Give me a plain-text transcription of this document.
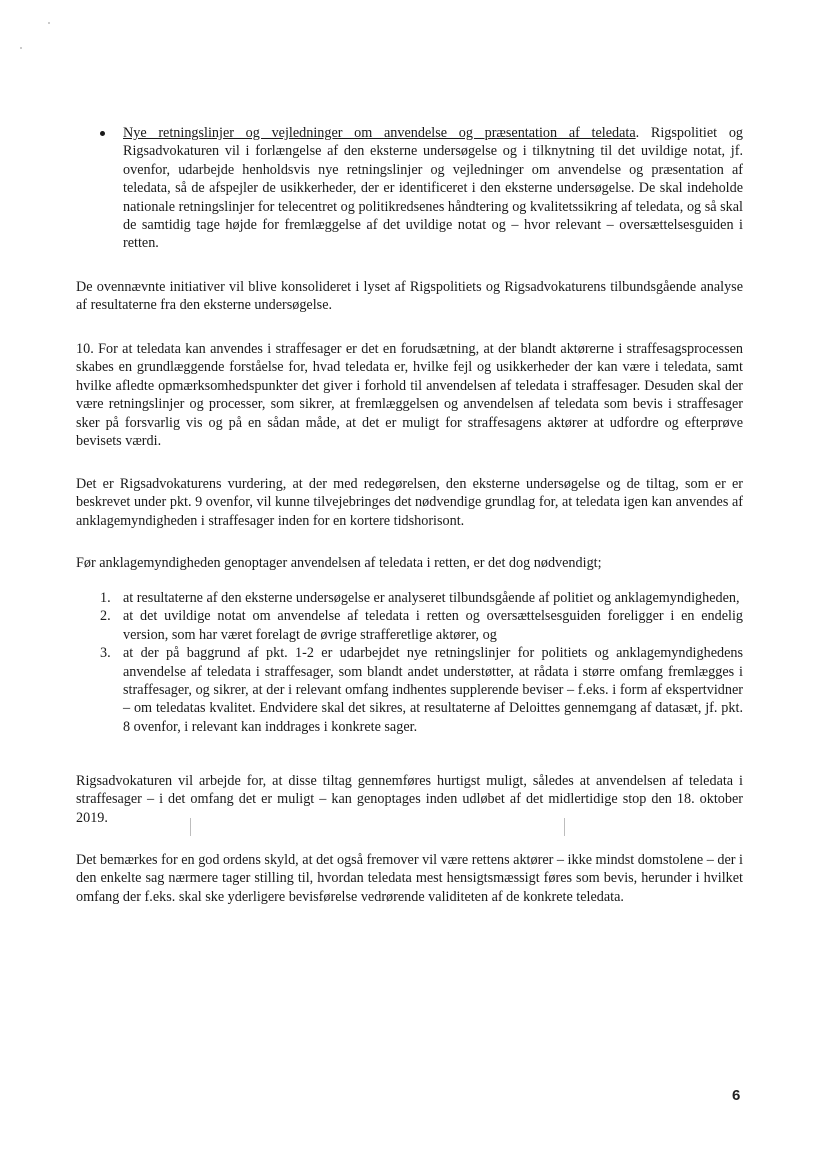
Nye retningslinjer og vejledninger om anvendelse og præsentation af teledata. Rigspolitiet og Rigsadvokaturen vil i forlængelse af den eksterne undersøgelse og i tilknytning til det uvildige notat, jf. ovenfor, udarbejde henholdsvis nye retningslinjer og vejledninger om anvendelse og præsentation af teledata, så de afspejler de usikkerheder, der er identificeret i den eksterne undersøgelse. De skal indeholde nationale retningslinjer for telecentret og politikredsenes håndtering og kvalitetssikring af teledata, og så skal de samtidig tage højde for fremlæggelse af det uvildige notat og – hvor relevant – oversættelsesguiden i retten.

De ovennævnte initiativer vil blive konsolideret i lyset af Rigspolitiets og Rigsadvokaturens tilbundsgående analyse af resultaterne fra den eksterne undersøgelse.

10. For at teledata kan anvendes i straffesager er det en forudsætning, at der blandt aktørerne i straffesagsprocessen skabes en grundlæggende forståelse for, hvad teledata er, hvilke fejl og usikkerheder der kan være i teledata, samt hvilke afledte opmærksomhedspunkter det giver i forhold til anvendelsen af teledata i straffesager. Desuden skal der være retningslinjer og processer, som sikrer, at fremlæggelsen og anvendelsen af teledata som bevis i straffesager sker på forsvarlig vis og på en sådan måde, at det er muligt for straffesagens aktører at udfordre og efterprøve bevisets værdi.

Det er Rigsadvokaturens vurdering, at der med redegørelsen, den eksterne undersøgelse og de tiltag, som er er beskrevet under pkt. 9 ovenfor, vil kunne tilvejebringes det nødvendige grundlag for, at teledata igen kan anvendes af anklagemyndigheden i straffesager inden for en kortere tidshorisont.

Før anklagemyndigheden genoptager anvendelsen af teledata i retten, er det dog nødvendigt;

1. at resultaterne af den eksterne undersøgelse er analyseret tilbundsgående af politiet og anklagemyndigheden,
2. at det uvildige notat om anvendelse af teledata i retten og oversættelsesguiden foreligger i en endelig version, som har været forelagt de øvrige strafferetlige aktører, og
3. at der på baggrund af pkt. 1-2 er udarbejdet nye retningslinjer for politiets og anklagemyndighedens anvendelse af teledata i straffesager, som blandt andet understøtter, at rådata i større omfang fremlægges i straffesager, og sikrer, at der i relevant omfang indhentes supplerende beviser – f.eks. i form af ekspertvidner – om teledatas kvalitet. Endvidere skal det sikres, at resultaterne af Deloittes gennemgang af datasæt, jf. pkt. 8 ovenfor, i relevant kan inddrages i konkrete sager.

Rigsadvokaturen vil arbejde for, at disse tiltag gennemføres hurtigst muligt, således at anvendelsen af teledata i straffesager – i det omfang det er muligt – kan genoptages inden udløbet af det midlertidige stop den 18. oktober 2019.

Det bemærkes for en god ordens skyld, at det også fremover vil være rettens aktører – ikke mindst domstolene – der i den enkelte sag nærmere tager stilling til, hvordan teledata mest hensigtsmæssigt føres som bevis, herunder i hvilket omfang der f.eks. skal ske yderligere bevisførelse vedrørende validiteten af de konkrete teledata.

6
